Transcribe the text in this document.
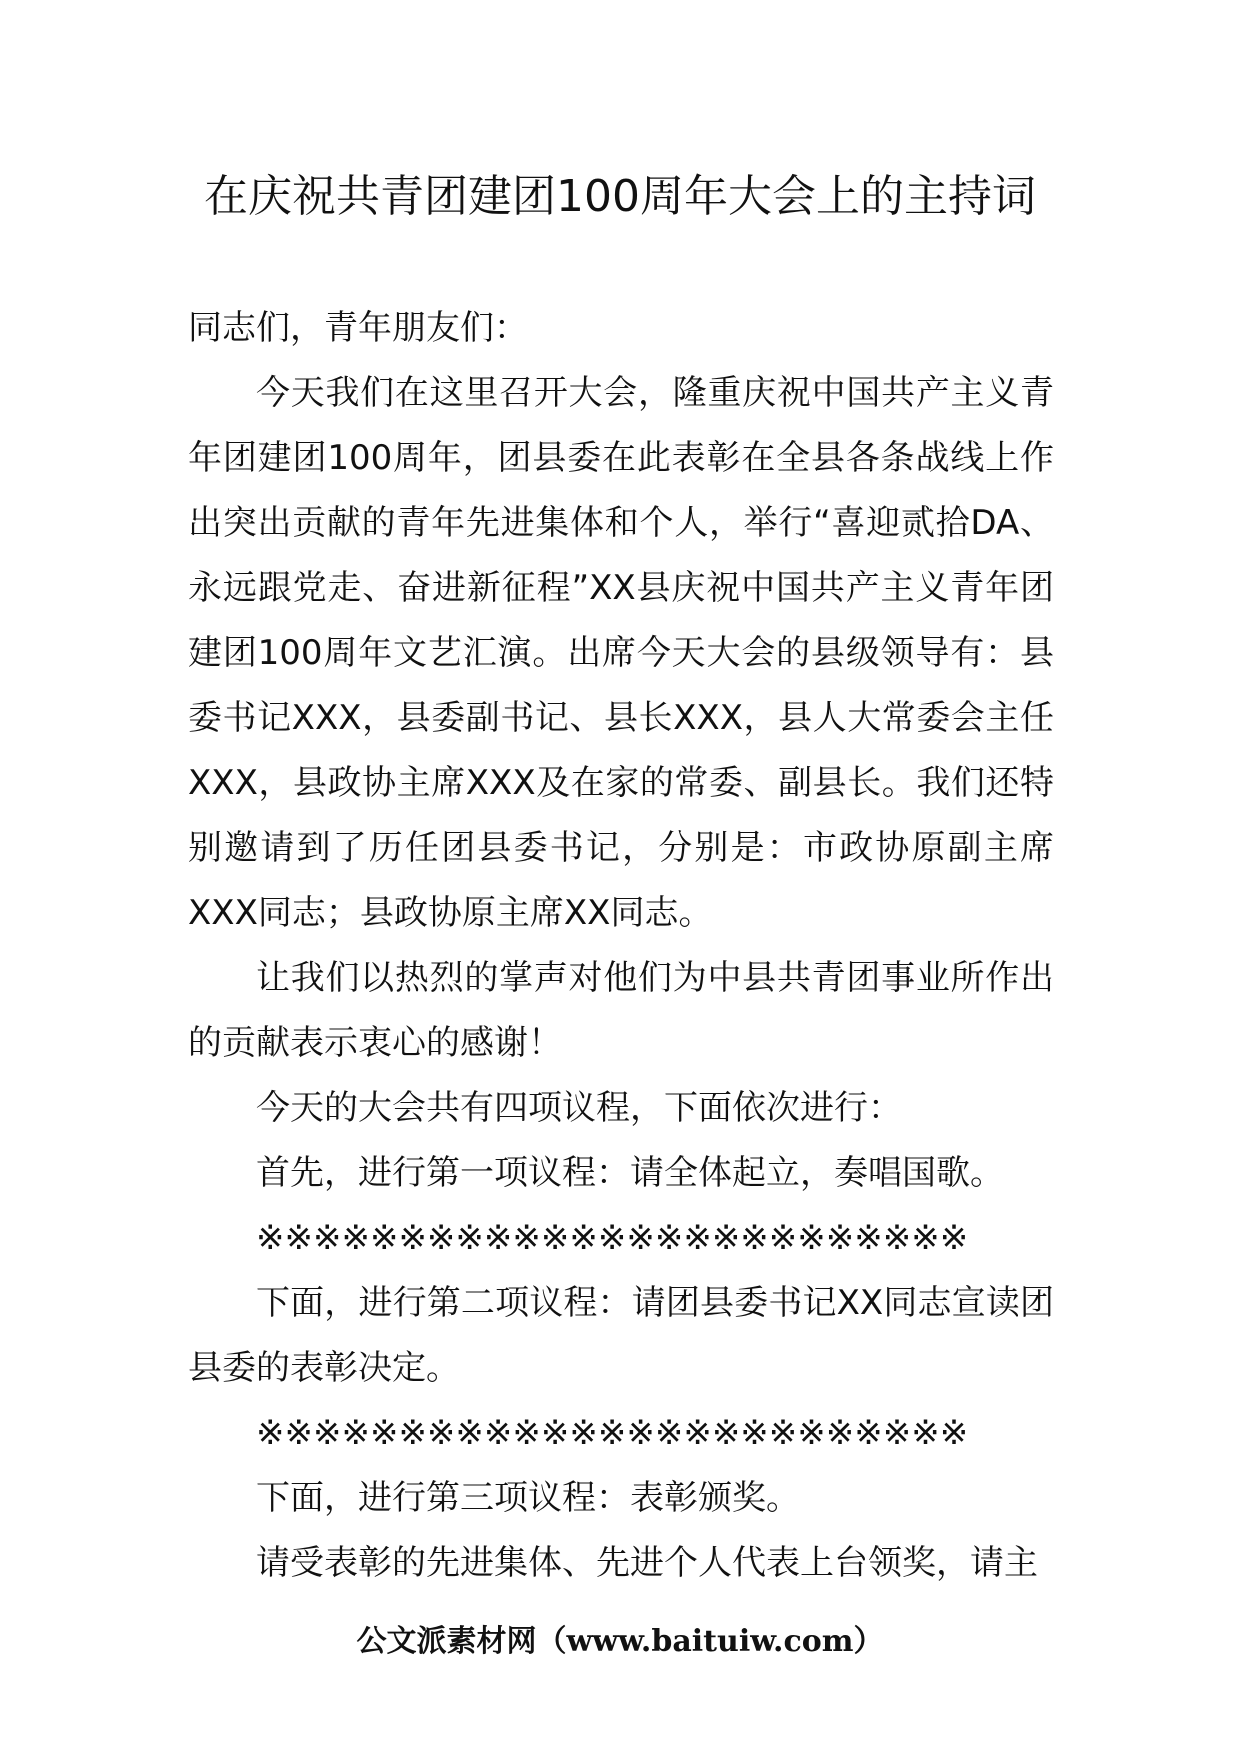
在庆祝共青团建团100周年大会上的主持词

同志们，青年朋友们：

今天我们在这里召开大会，隆重庆祝中国共产主义青年团建团100周年，团县委在此表彰在全县各条战线上作出突出贡献的青年先进集体和个人，举行“喜迎贰拾DA、永远跟党走、奋进新征程”XX县庆祝中国共产主义青年团建团100周年文艺汇演。出席今天大会的县级领导有：县委书记XXX，县委副书记、县长XXX，县人大常委会主任XXX，县政协主席XXX及在家的常委、副县长。我们还特别邀请到了历任团县委书记，分别是：市政协原副主席XXX同志；县政协原主席XX同志。

让我们以热烈的掌声对他们为中县共青团事业所作出的贡献表示衷心的感谢！

今天的大会共有四项议程，下面依次进行：

首先，进行第一项议程：请全体起立，奏唱国歌。

※※※※※※※※※※※※※※※※※※※※※※※※※

下面，进行第二项议程：请团县委书记XX同志宣读团县委的表彰决定。

※※※※※※※※※※※※※※※※※※※※※※※※※

下面，进行第三项议程：表彰颁奖。

请受表彰的先进集体、先进个人代表上台领奖，请主

公文派素材网（www.baituiw.com）
